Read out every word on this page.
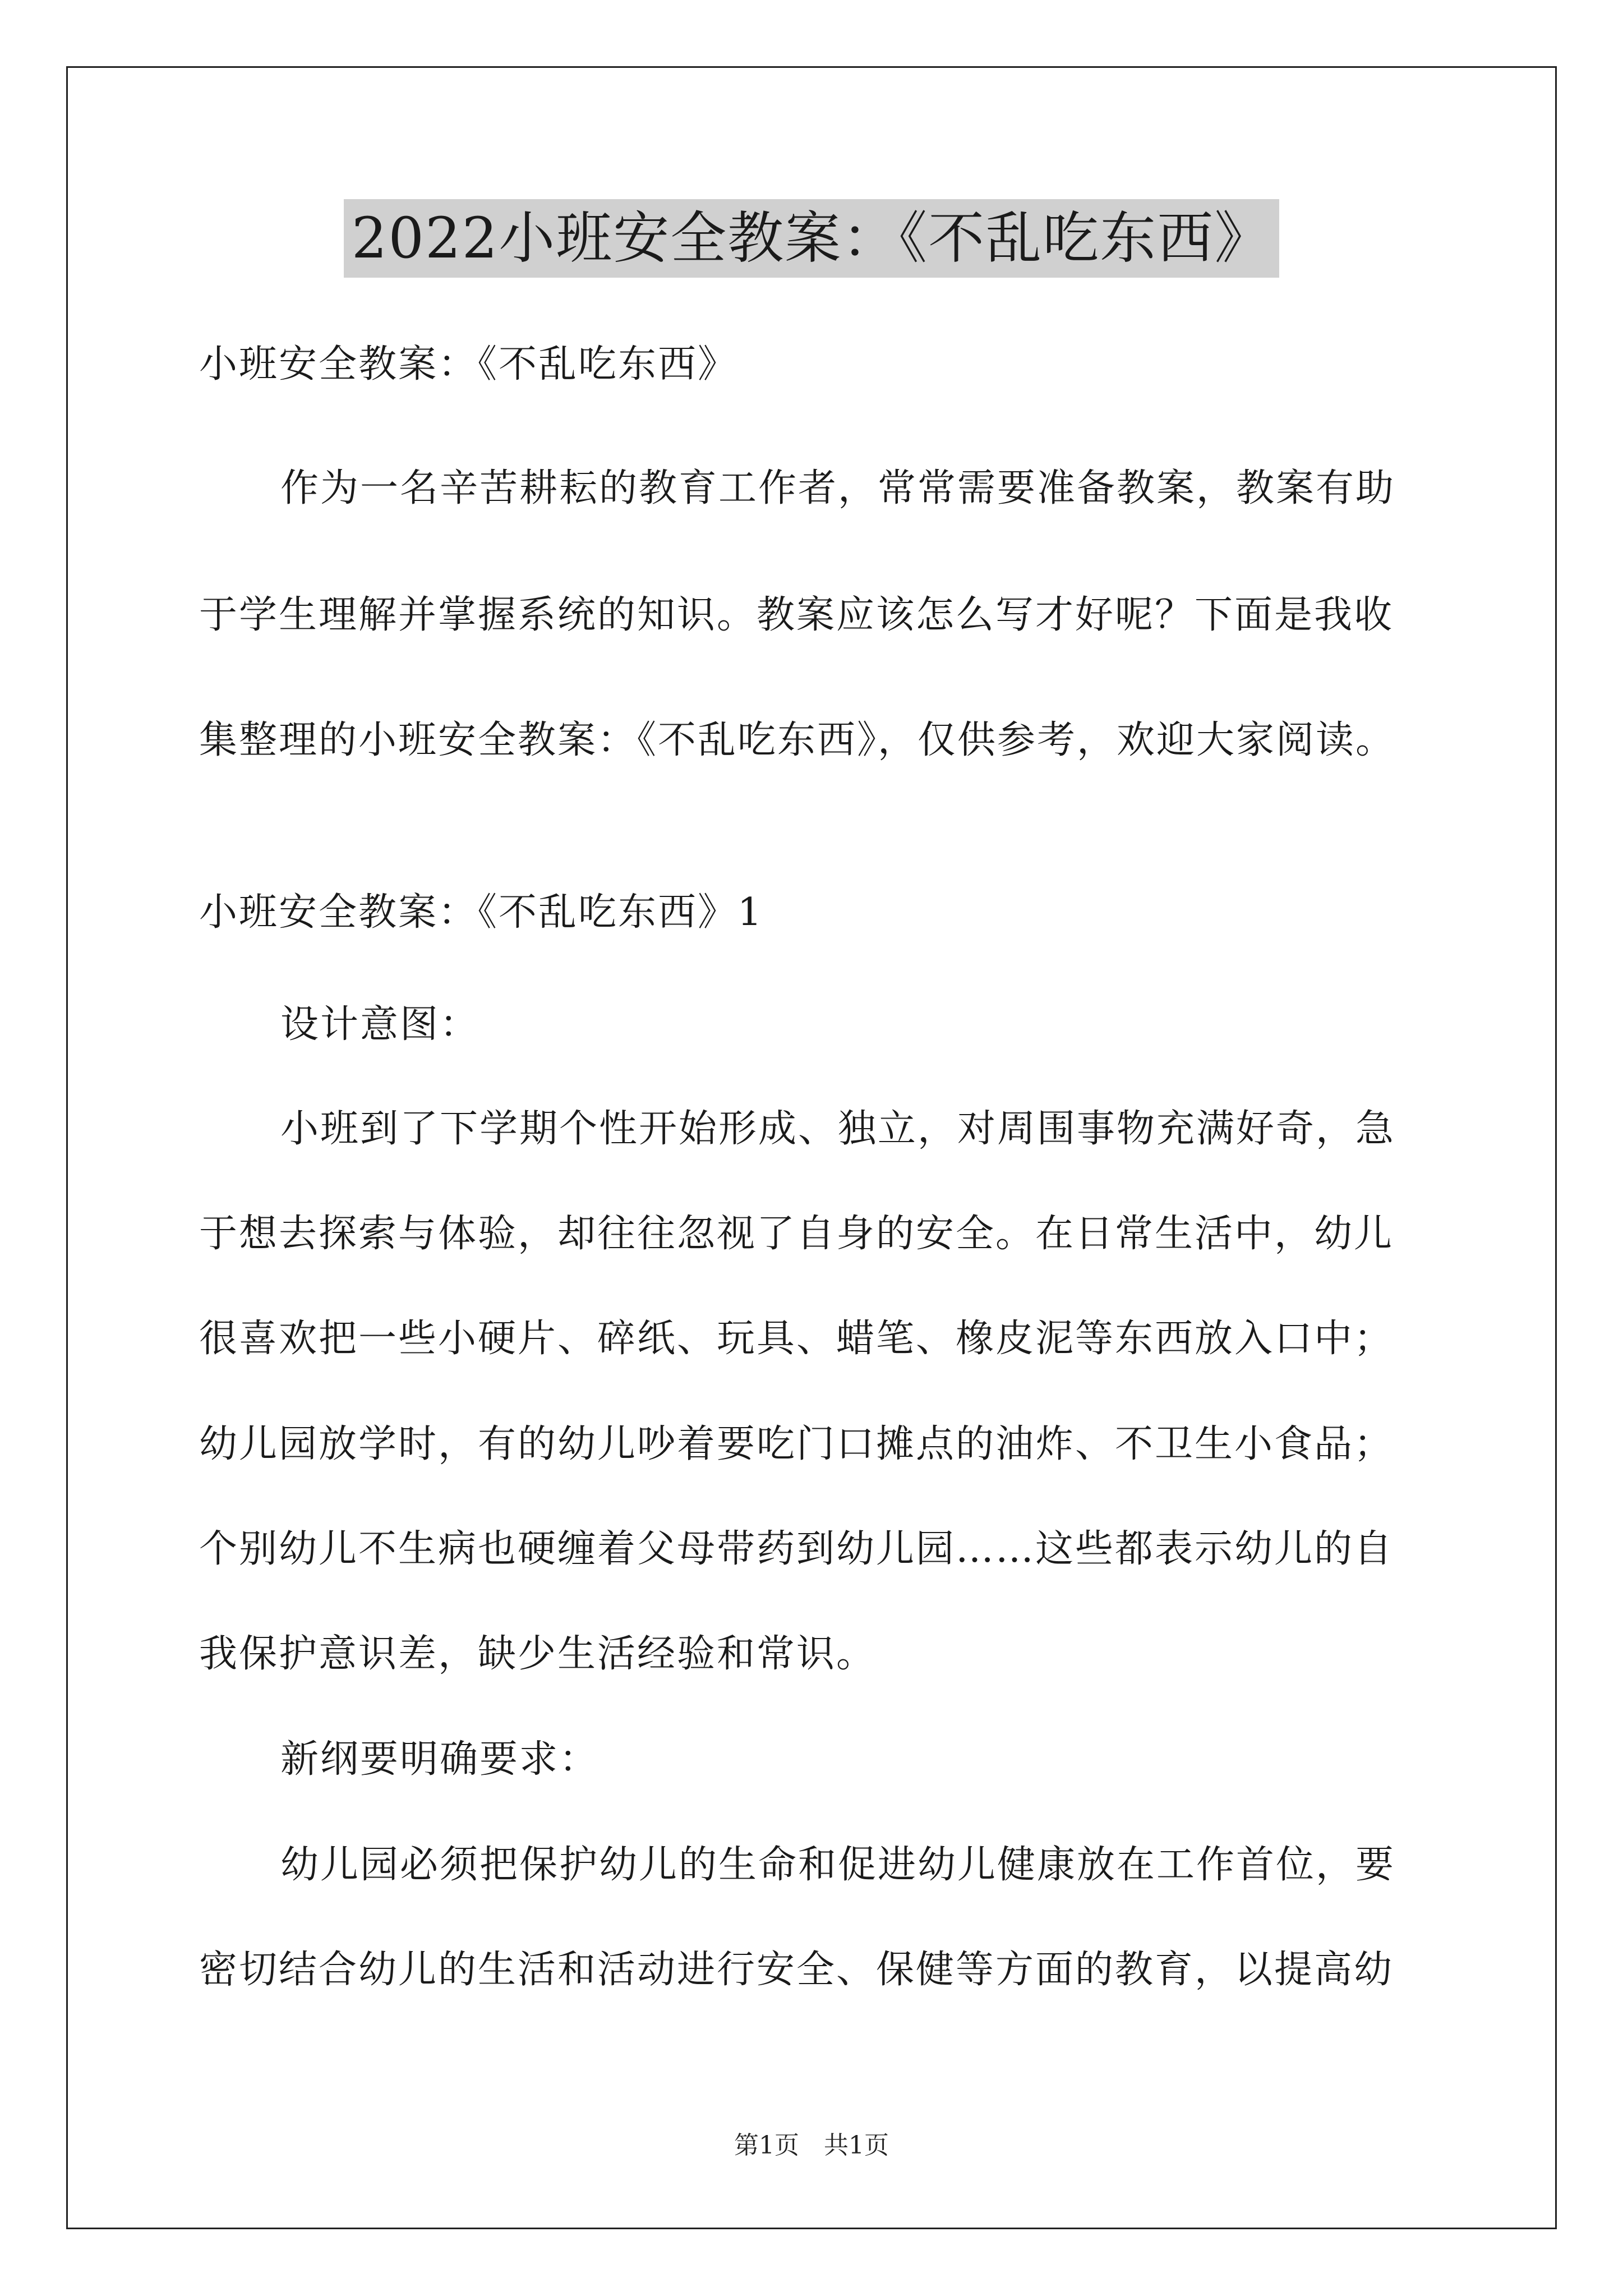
2022小班安全教案：《不乱吃东西》
小班安全教案：《不乱吃东西》
作为一名辛苦耕耘的教育工作者，常常需要准备教案，教案有助
于学生理解并掌握系统的知识。教案应该怎么写才好呢？下面是我收
集整理的小班安全教案：《不乱吃东西》，仅供参考，欢迎大家阅读。
小班安全教案：《不乱吃东西》1
设计意图：
小班到了下学期个性开始形成、独立，对周围事物充满好奇，急
于想去探索与体验，却往往忽视了自身的安全。在日常生活中，幼儿
很喜欢把一些小硬片、碎纸、玩具、蜡笔、橡皮泥等东西放入口中；
幼儿园放学时，有的幼儿吵着要吃门口摊点的油炸、不卫生小食品；
个别幼儿不生病也硬缠着父母带药到幼儿园……这些都表示幼儿的自
我保护意识差，缺少生活经验和常识。
新纲要明确要求：
幼儿园必须把保护幼儿的生命和促进幼儿健康放在工作首位，要
密切结合幼儿的生活和活动进行安全、保健等方面的教育，以提高幼
第1页　共1页
